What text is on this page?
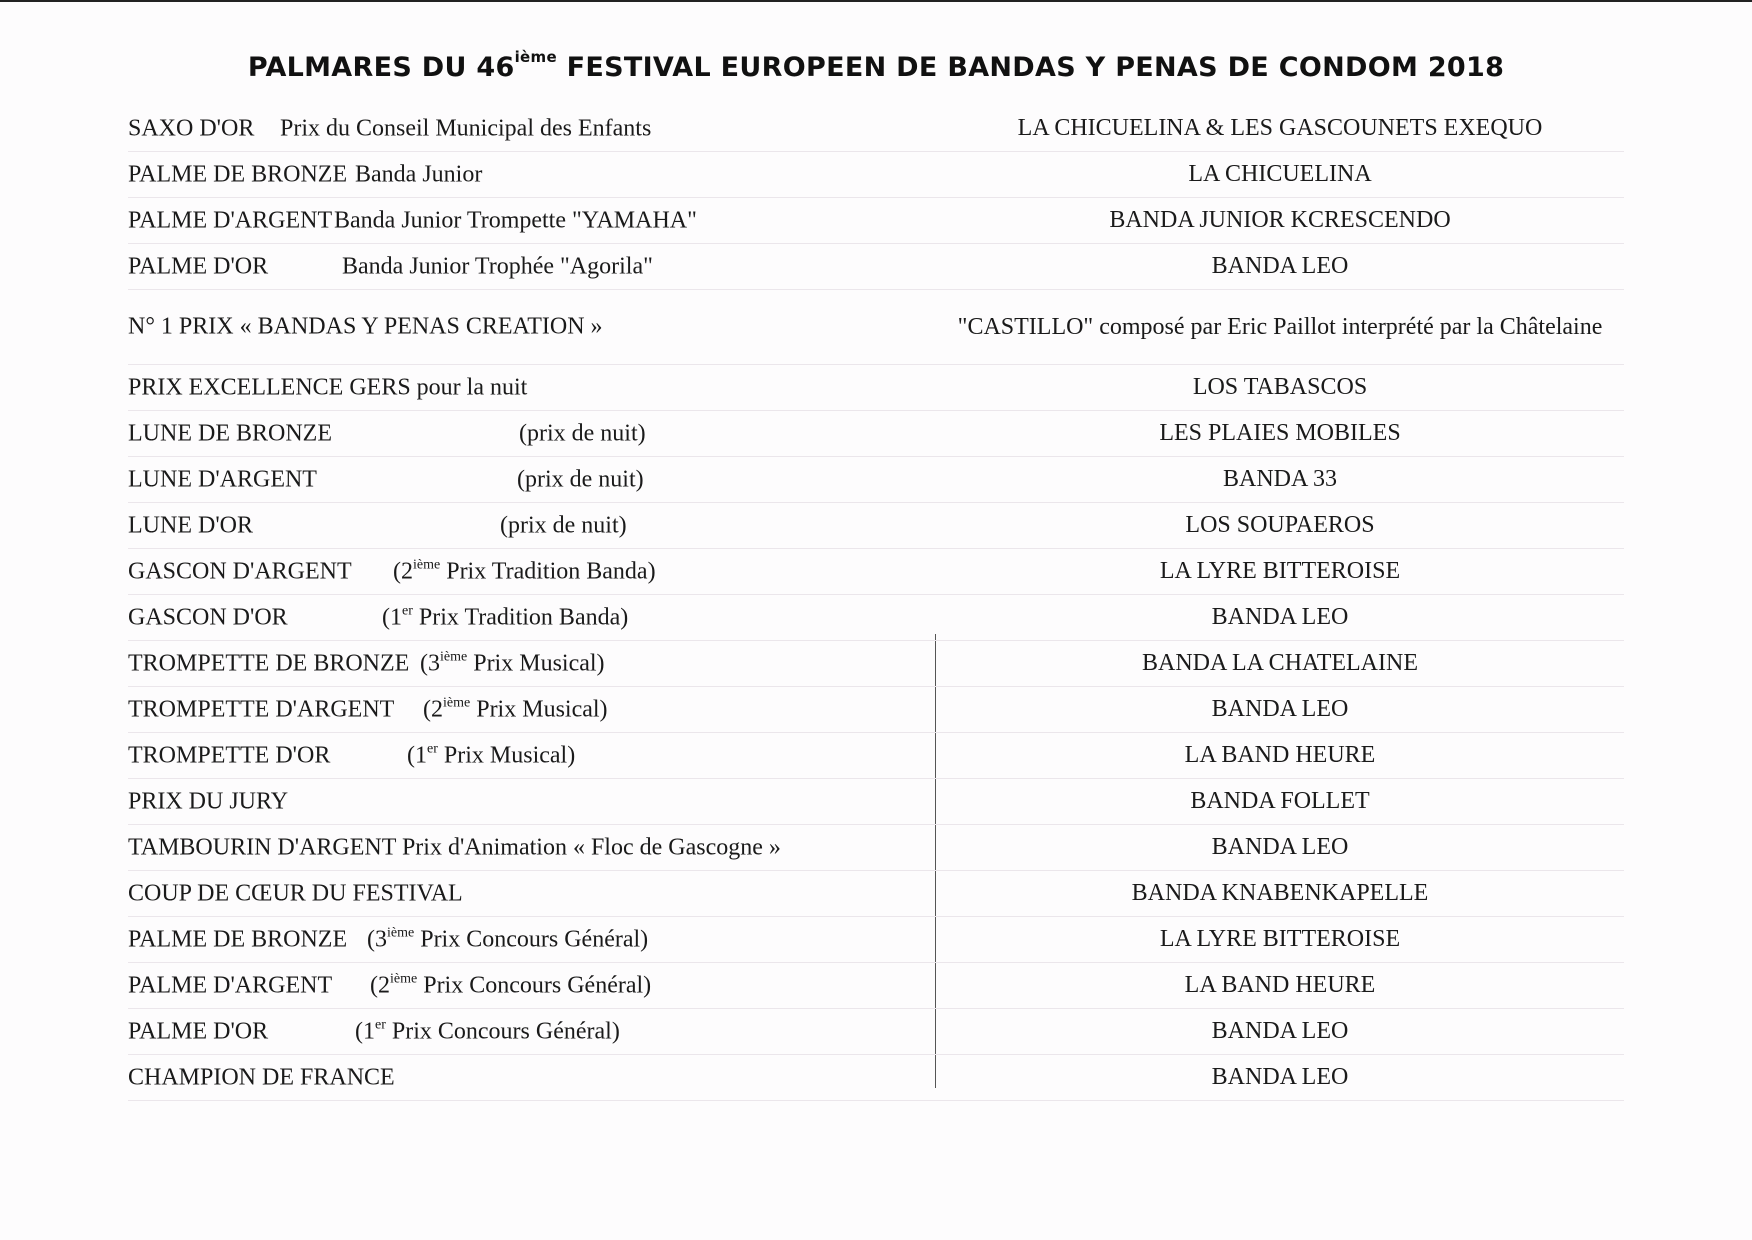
PALMARES DU 46ième FESTIVAL EUROPEEN DE BANDAS Y PENAS DE CONDOM 2018
SAXO D'OR Prix du Conseil Municipal des Enfants	LA CHICUELINA & LES GASCOUNETS EXEQUO
PALME DE BRONZE Banda Junior	LA CHICUELINA
PALME D'ARGENT Banda Junior Trompette "YAMAHA"	BANDA JUNIOR KCRESCENDO
PALME D'OR	Banda Junior Trophée "Agorila"	BANDA LEO
N° 1 PRIX « BANDAS Y PENAS CREATION »	"CASTILLO" composé par Eric Paillot interprété par la Châtelaine
PRIX EXCELLENCE GERS pour la nuit	LOS TABASCOS
LUNE DE BRONZE	(prix de nuit)	LES PLAIES MOBILES
LUNE D'ARGENT	(prix de nuit)	BANDA 33
LUNE D'OR	(prix de nuit)	LOS SOUPAEROS
GASCON D'ARGENT (2ième Prix Tradition Banda)	LA LYRE BITTEROISE
GASCON D'OR	(1er Prix Tradition Banda)	BANDA LEO
TROMPETTE DE BRONZE (3ième Prix Musical)	BANDA LA CHATELAINE
TROMPETTE D'ARGENT (2ième Prix Musical)	BANDA LEO
TROMPETTE D'OR	(1er Prix Musical)	LA BAND HEURE
PRIX DU JURY	BANDA FOLLET
TAMBOURIN D'ARGENT Prix d'Animation « Floc de Gascogne »	BANDA LEO
COUP DE CŒUR DU FESTIVAL	BANDA KNABENKAPELLE
PALME DE BRONZE (3ième Prix Concours Général)	LA LYRE BITTEROISE
PALME D'ARGENT (2ième Prix Concours Général)	LA BAND HEURE
PALME D'OR	(1er Prix Concours Général)	BANDA LEO
CHAMPION DE FRANCE	BANDA LEO
